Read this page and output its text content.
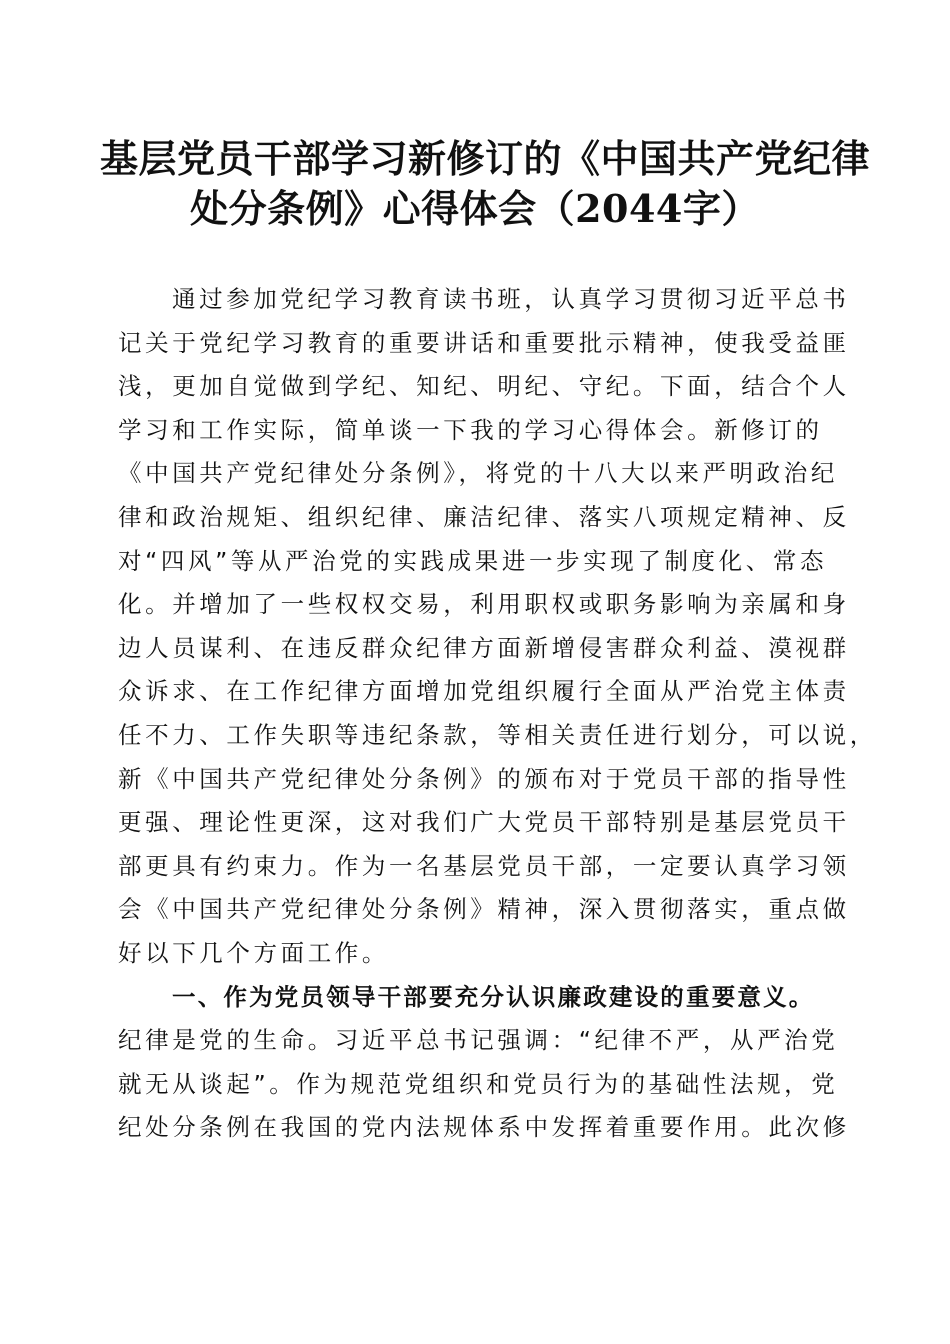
基层党员干部学习新修订的《中国共产党纪律
处分条例》心得体会（2044字）
通过参加党纪学习教育读书班，认真学习贯彻习近平总书
记关于党纪学习教育的重要讲话和重要批示精神，使我受益匪
浅，更加自觉做到学纪、知纪、明纪、守纪。下面，结合个人
学习和工作实际，简单谈一下我的学习心得体会。新修订的
《中国共产党纪律处分条例》，将党的十八大以来严明政治纪
律和政治规矩、组织纪律、廉洁纪律、落实八项规定精神、反
对“四风”等从严治党的实践成果进一步实现了制度化、常态
化。并增加了一些权权交易，利用职权或职务影响为亲属和身
边人员谋利、在违反群众纪律方面新增侵害群众利益、漠视群
众诉求、在工作纪律方面增加党组织履行全面从严治党主体责
任不力、工作失职等违纪条款，等相关责任进行划分，可以说，
新《中国共产党纪律处分条例》的颁布对于党员干部的指导性
更强、理论性更深，这对我们广大党员干部特别是基层党员干
部更具有约束力。作为一名基层党员干部，一定要认真学习领
会《中国共产党纪律处分条例》精神，深入贯彻落实，重点做
好以下几个方面工作。
一、作为党员领导干部要充分认识廉政建设的重要意义。
纪律是党的生命。习近平总书记强调：“纪律不严，从严治党
就无从谈起”。作为规范党组织和党员行为的基础性法规，党
纪处分条例在我国的党内法规体系中发挥着重要作用。此次修
